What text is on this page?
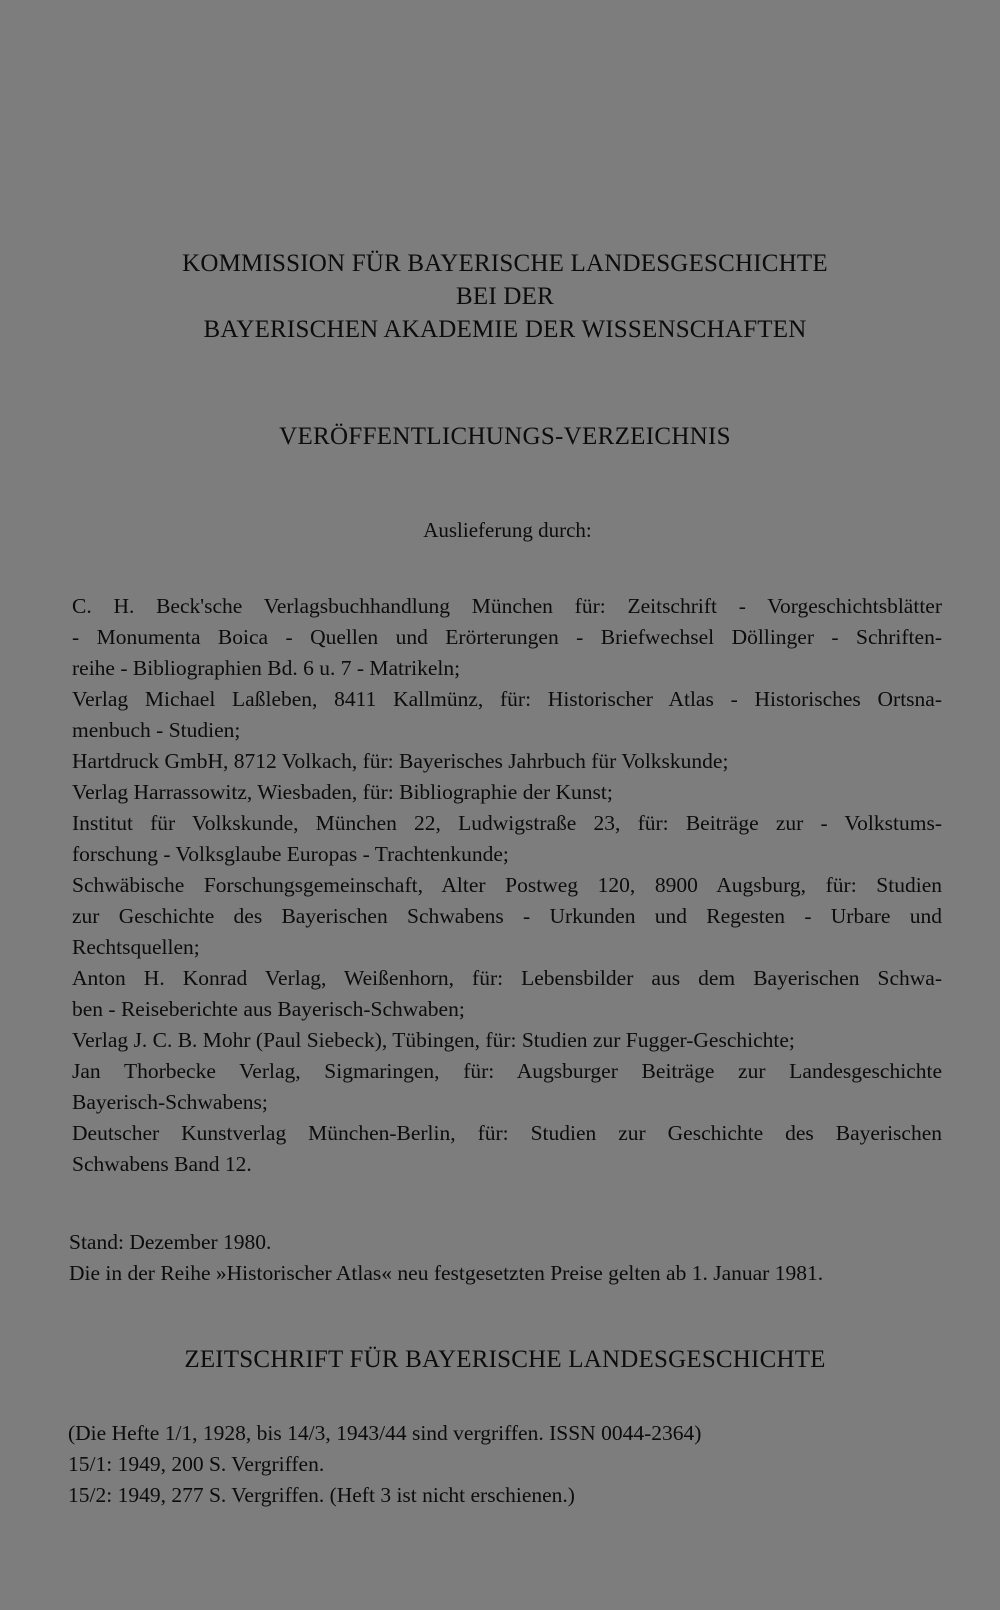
KOMMISSION FÜR BAYERISCHE LANDESGESCHICHTE
BEI DER
BAYERISCHEN AKADEMIE DER WISSENSCHAFTEN
VERÖFFENTLICHUNGS-VERZEICHNIS
Auslieferung durch:
C. H. Beck'sche Verlagsbuchhandlung München für: Zeitschrift - Vorgeschichtsblätter
- Monumenta Boica - Quellen und Erörterungen - Briefwechsel Döllinger - Schriften-
reihe - Bibliographien Bd. 6 u. 7 - Matrikeln;
Verlag Michael Laßleben, 8411 Kallmünz, für: Historischer Atlas - Historisches Ortsna-
menbuch - Studien;
Hartdruck GmbH, 8712 Volkach, für: Bayerisches Jahrbuch für Volkskunde;
Verlag Harrassowitz, Wiesbaden, für: Bibliographie der Kunst;
Institut für Volkskunde, München 22, Ludwigstraße 23, für: Beiträge zur - Volkstums-
forschung - Volksglaube Europas - Trachtenkunde;
Schwäbische Forschungsgemeinschaft, Alter Postweg 120, 8900 Augsburg, für: Studien
zur Geschichte des Bayerischen Schwabens - Urkunden und Regesten - Urbare und
Rechtsquellen;
Anton H. Konrad Verlag, Weißenhorn, für: Lebensbilder aus dem Bayerischen Schwa-
ben - Reiseberichte aus Bayerisch-Schwaben;
Verlag J. C. B. Mohr (Paul Siebeck), Tübingen, für: Studien zur Fugger-Geschichte;
Jan Thorbecke Verlag, Sigmaringen, für: Augsburger Beiträge zur Landesgeschichte
Bayerisch-Schwabens;
Deutscher Kunstverlag München-Berlin, für: Studien zur Geschichte des Bayerischen
Schwabens Band 12.
Stand: Dezember 1980.
Die in der Reihe »Historischer Atlas« neu festgesetzten Preise gelten ab 1. Januar 1981.
ZEITSCHRIFT FÜR BAYERISCHE LANDESGESCHICHTE
(Die Hefte 1/1, 1928, bis 14/3, 1943/44 sind vergriffen. ISSN 0044-2364)
15/1: 1949, 200 S. Vergriffen.
15/2: 1949, 277 S. Vergriffen. (Heft 3 ist nicht erschienen.)
